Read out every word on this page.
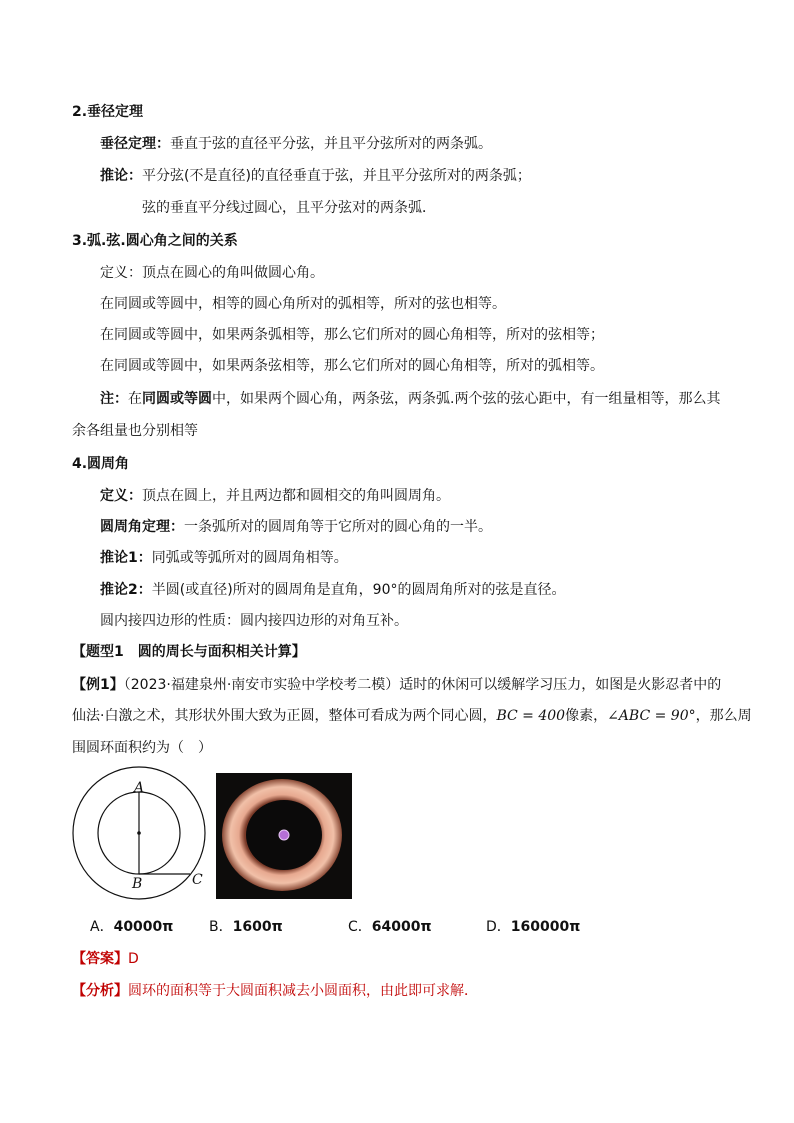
2.垂径定理
垂径定理：垂直于弦的直径平分弦，并且平分弦所对的两条弧。
推论：平分弦(不是直径)的直径垂直于弦，并且平分弦所对的两条弧；
弦的垂直平分线过圆心，且平分弦对的两条弧．
3.弧.弦.圆心角之间的关系
定义：顶点在圆心的角叫做圆心角。
在同圆或等圆中，相等的圆心角所对的弧相等，所对的弦也相等。
在同圆或等圆中，如果两条弧相等，那么它们所对的圆心角相等，所对的弦相等；
在同圆或等圆中，如果两条弦相等，那么它们所对的圆心角相等，所对的弧相等。
注：在同圆或等圆中，如果两个圆心角，两条弦，两条弧.两个弦的弦心距中，有一组量相等，那么其
余各组量也分别相等
4.圆周角
定义：顶点在圆上，并且两边都和圆相交的角叫圆周角。
圆周角定理：一条弧所对的圆周角等于它所对的圆心角的一半。
推论1：同弧或等弧所对的圆周角相等。
推论2：半圆(或直径)所对的圆周角是直角，90°的圆周角所对的弦是直径。
圆内接四边形的性质：圆内接四边形的对角互补。
【题型1　圆的周长与面积相关计算】
【例1】（2023·福建泉州·南安市实验中学校考二模）适时的休闲可以缓解学习压力，如图是火影忍者中的
仙法·白激之术，其形状外围大致为正圆，整体可看成为两个同心圆，BC = 400像素，∠ABC = 90°，那么周
围圆环面积约为（　）
A
B	C
A．40000π	B．1600π	C．64000π	D．160000π
【答案】D
【分析】圆环的面积等于大圆面积减去小圆面积，由此即可求解．
